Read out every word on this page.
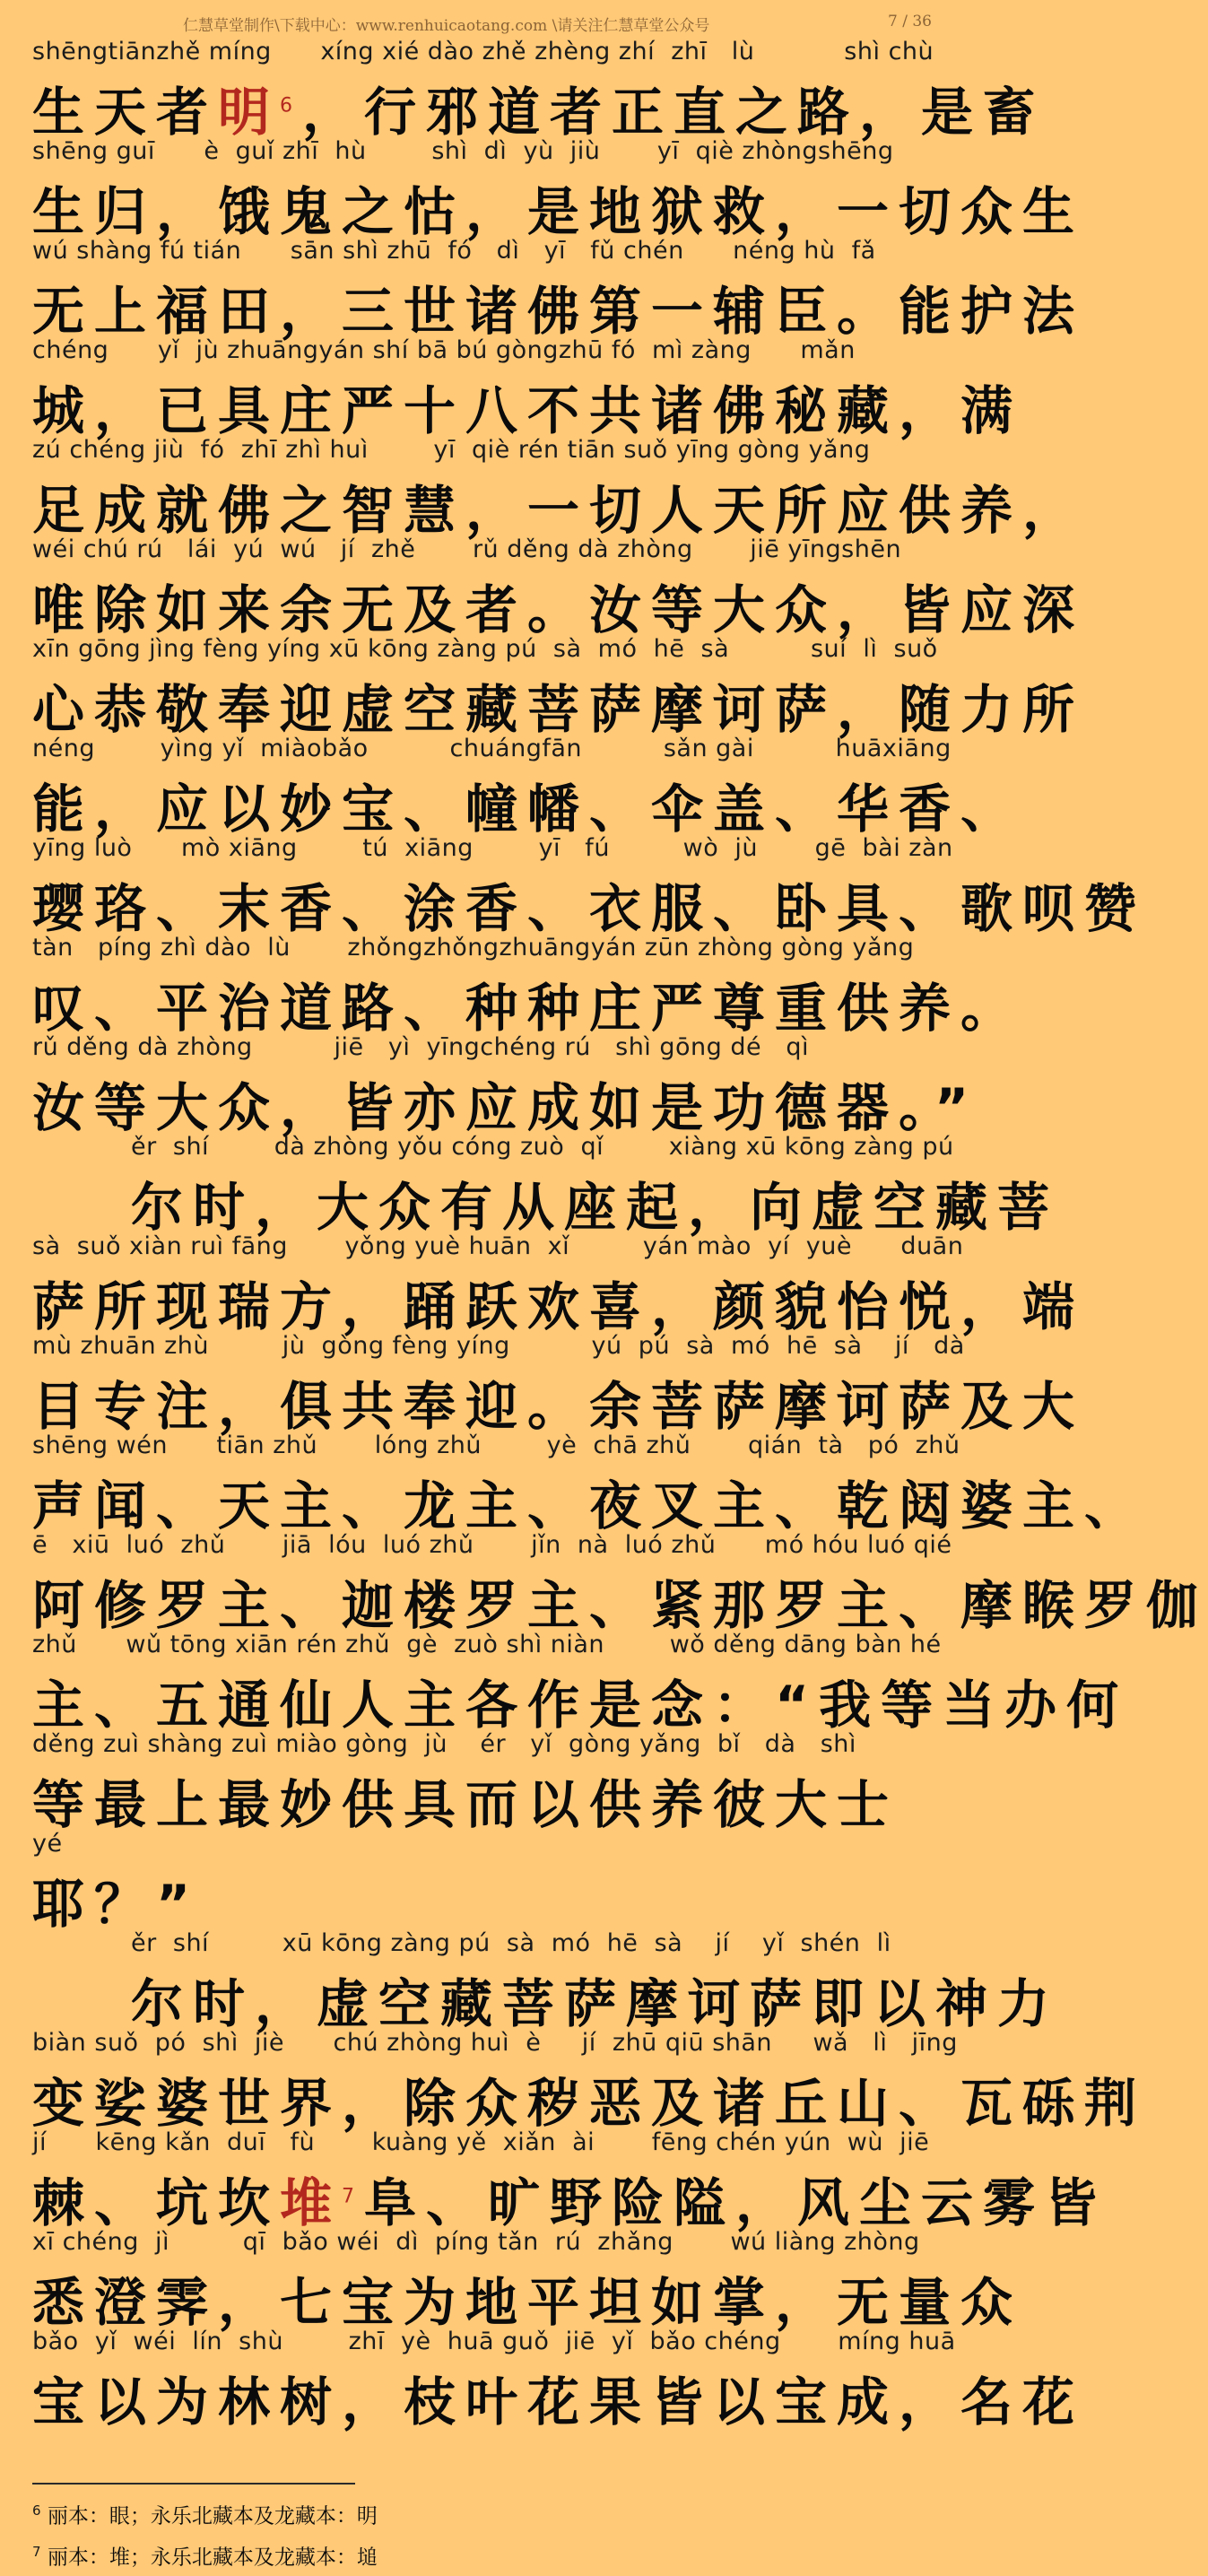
仁慧草堂制作\下载中心：www.renhuicaotang.com \请关注仁慧草堂公众号	7 / 36
shēngtiānzhě míng      xíng xié dào zhě zhèng zhí  zhī   lù           shì chù
生天者明$^6$，行邪道者正直之路，是畜
shēng guī      è  guǐ zhī  hù        shì  dì  yù  jiù       yī  qiè zhòngshēng
生归，饿鬼之怙，是地狱救，一切众生
wú shàng fú tián      sān shì zhū  fó   dì   yī   fǔ chén      néng hù  fǎ
无上福田，三世诸佛第一辅臣。能护法
chéng      yǐ  jù zhuāngyán shí bā bú gòngzhū fó  mì zàng      mǎn
城，已具庄严十八不共诸佛秘藏，满
zú chéng jiù  fó  zhī zhì huì        yī  qiè rén tiān suǒ yīng gòng yǎng
足成就佛之智慧，一切人天所应供养，
wéi chú rú   lái  yú  wú   jí  zhě       rǔ děng dà zhòng       jiē yīngshēn
唯除如来余无及者。汝等大众，皆应深
xīn gōng jìng fèng yíng xū kōng zàng pú  sà  mó  hē  sà          suí  lì  suǒ
心恭敬奉迎虚空藏菩萨摩诃萨，随力所
néng        yìng yǐ  miàobǎo          chuángfān          sǎn gài          huāxiāng
能，应以妙宝、幢幡、伞盖、华香、
yīng luò      mò xiāng        tú  xiāng        yī   fú         wò  jù       gē  bài zàn
璎珞、末香、涂香、衣服、卧具、歌呗赞
tàn   píng zhì dào  lù       zhǒngzhǒngzhuāngyán zūn zhòng gòng yǎng
叹、平治道路、种种庄严尊重供养。
rǔ děng dà zhòng          jiē   yì  yīngchéng rú   shì gōng dé   qì
汝等大众，皆亦应成如是功德器。”
ěr  shí        dà zhòng yǒu cóng zuò  qǐ        xiàng xū kōng zàng pú
尔时，大众有从座起，向虚空藏菩
sà  suǒ xiàn ruì fāng       yǒng yuè huān  xǐ         yán mào  yí  yuè      duān
萨所现瑞方，踊跃欢喜，颜貌怡悦，端
mù zhuān zhù         jù  gòng fèng yíng          yú  pú  sà  mó  hē  sà    jí   dà
目专注，俱共奉迎。余菩萨摩诃萨及大
shēng wén      tiān zhǔ       lóng zhǔ        yè  chā zhǔ       qián  tà   pó  zhǔ
声闻、天主、龙主、夜叉主、乾闼婆主、
ē   xiū  luó  zhǔ       jiā  lóu  luó zhǔ       jǐn  nà  luó zhǔ      mó hóu luó qié
阿修罗主、迦楼罗主、紧那罗主、摩睺罗伽
zhǔ      wǔ tōng xiān rén zhǔ  gè  zuò shì niàn        wǒ děng dāng bàn hé
主、五通仙人主各作是念：“我等当办何
děng zuì shàng zuì miào gòng  jù    ér   yǐ  gòng yǎng  bǐ   dà   shì
等最上最妙供具而以供养彼大士
yé
耶？”
ěr  shí         xū kōng zàng pú  sà  mó  hē  sà    jí    yǐ  shén  lì
尔时，虚空藏菩萨摩诃萨即以神力
biàn suǒ  pó  shì  jiè      chú zhòng huì  è     jí  zhū qiū shān     wǎ   lì   jīng
变娑婆世界，除众秽恶及诸丘山、瓦砾荆
jí      kēng kǎn  duī   fù       kuàng yě  xiǎn  ài       fēng chén yún  wù  jiē
棘、坑坎堆$^7$阜、旷野险隘，风尘云雾皆
xī chéng  jì         qī  bǎo wéi  dì  píng tǎn  rú  zhǎng       wú liàng zhòng
悉澄霁，七宝为地平坦如掌，无量众
bǎo  yǐ  wéi  lín  shù        zhī  yè  huā guǒ  jiē  yǐ  bǎo chéng       míng huā
宝以为林树，枝叶花果皆以宝成，名花
$^6$ 丽本：眼；永乐北藏本及龙藏本：明
$^7$ 丽本：堆；永乐北藏本及龙藏本：塠
